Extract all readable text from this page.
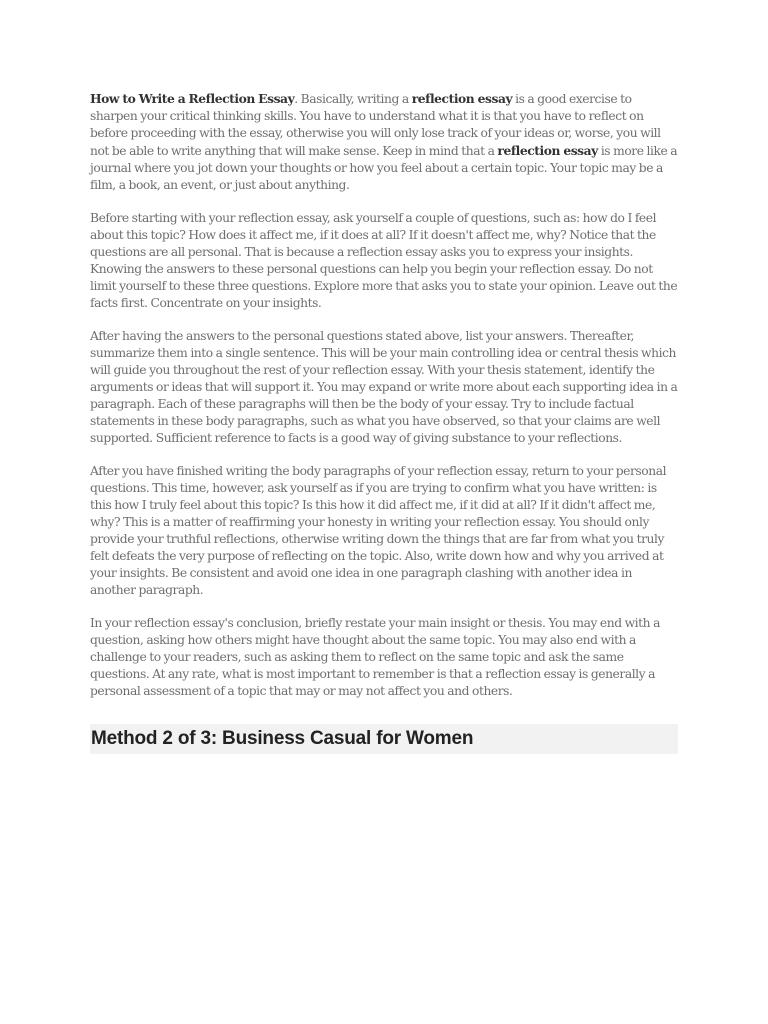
How to Write a Reflection Essay. Basically, writing a reflection essay is a good exercise to sharpen your critical thinking skills. You have to understand what it is that you have to reflect on before proceeding with the essay, otherwise you will only lose track of your ideas or, worse, you will not be able to write anything that will make sense. Keep in mind that a reflection essay is more like a journal where you jot down your thoughts or how you feel about a certain topic. Your topic may be a film, a book, an event, or just about anything.

Before starting with your reflection essay, ask yourself a couple of questions, such as: how do I feel about this topic? How does it affect me, if it does at all? If it doesn't affect me, why? Notice that the questions are all personal. That is because a reflection essay asks you to express your insights. Knowing the answers to these personal questions can help you begin your reflection essay. Do not limit yourself to these three questions. Explore more that asks you to state your opinion. Leave out the facts first. Concentrate on your insights.

After having the answers to the personal questions stated above, list your answers. Thereafter, summarize them into a single sentence. This will be your main controlling idea or central thesis which will guide you throughout the rest of your reflection essay. With your thesis statement, identify the arguments or ideas that will support it. You may expand or write more about each supporting idea in a paragraph. Each of these paragraphs will then be the body of your essay. Try to include factual statements in these body paragraphs, such as what you have observed, so that your claims are well supported. Sufficient reference to facts is a good way of giving substance to your reflections.

After you have finished writing the body paragraphs of your reflection essay, return to your personal questions. This time, however, ask yourself as if you are trying to confirm what you have written: is this how I truly feel about this topic? Is this how it did affect me, if it did at all? If it didn't affect me, why? This is a matter of reaffirming your honesty in writing your reflection essay. You should only provide your truthful reflections, otherwise writing down the things that are far from what you truly felt defeats the very purpose of reflecting on the topic. Also, write down how and why you arrived at your insights. Be consistent and avoid one idea in one paragraph clashing with another idea in another paragraph.

In your reflection essay's conclusion, briefly restate your main insight or thesis. You may end with a question, asking how others might have thought about the same topic. You may also end with a challenge to your readers, such as asking them to reflect on the same topic and ask the same questions. At any rate, what is most important to remember is that a reflection essay is generally a personal assessment of a topic that may or may not affect you and others.

Method 2 of 3: Business Casual for Women
